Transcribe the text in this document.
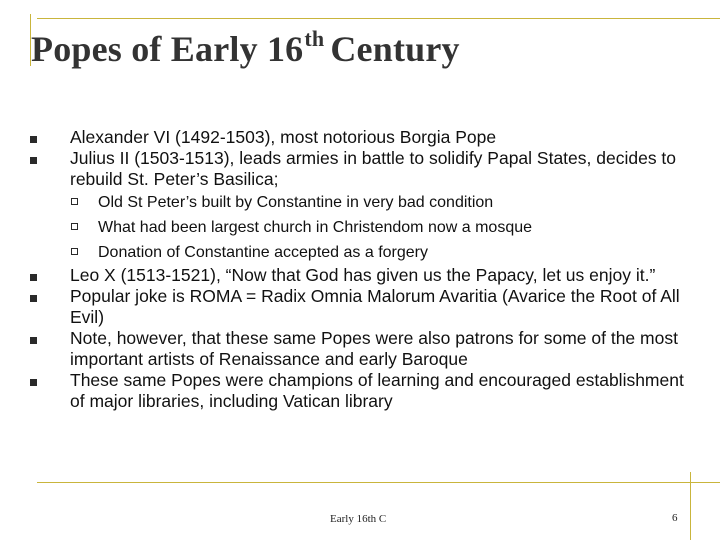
Popes of Early 16th Century
Alexander VI (1492-1503), most notorious Borgia Pope
Julius II (1503-1513), leads armies in battle to solidify Papal States, decides to rebuild St. Peter’s Basilica;
Old St Peter’s built by Constantine in very bad condition
What had been largest church in Christendom now a mosque
Donation of Constantine accepted as a forgery
Leo X (1513-1521), “Now that God has given us the Papacy, let us enjoy it.”
Popular joke is ROMA = Radix Omnia Malorum Avaritia (Avarice the Root of All Evil)
Note, however, that these same Popes were also patrons for some of the most important artists of Renaissance and early Baroque
These same Popes were champions of learning and encouraged establishment of major libraries, including Vatican library
Early 16th C	6
